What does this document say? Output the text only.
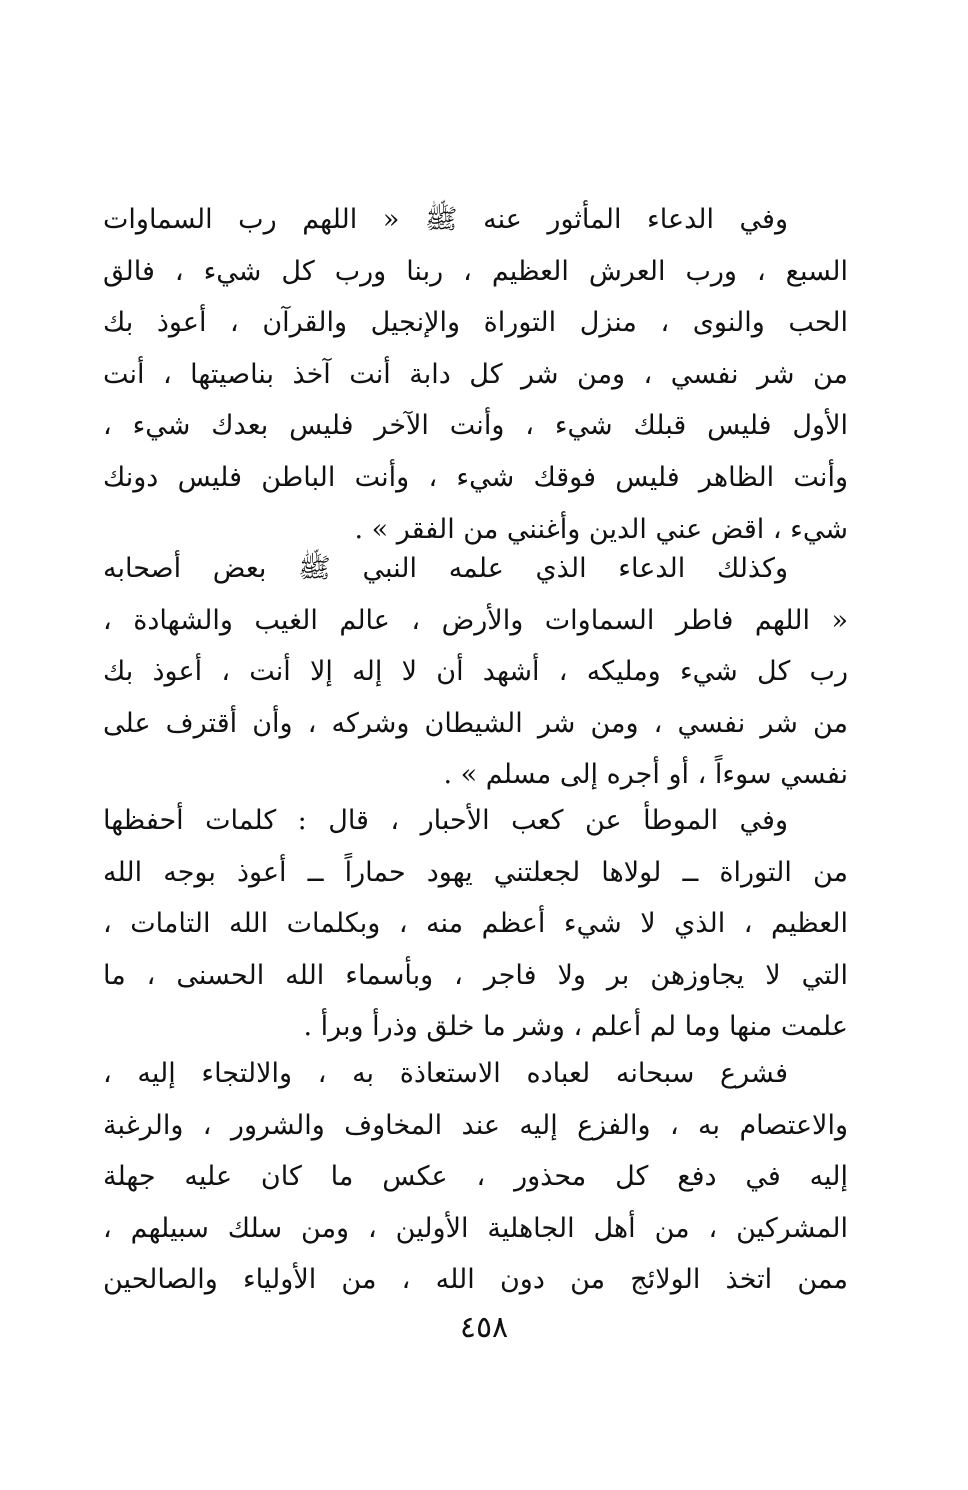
وفي الدعاء المأثور عنه ﷺ « اللهم رب السماوات
السبع ، ورب العرش العظيم ، ربنا ورب كل شيء ، فالق
الحب والنوى ، منزل التوراة والإنجيل والقرآن ، أعوذ بك
من شر نفسي ، ومن شر كل دابة أنت آخذ بناصيتها ، أنت
الأول فليس قبلك شيء ، وأنت الآخر فليس بعدك شيء ،
وأنت الظاهر فليس فوقك شيء ، وأنت الباطن فليس دونك
شيء ، اقض عني الدين وأغنني من الفقر » .
وكذلك الدعاء الذي علمه النبي ﷺ بعض أصحابه
« اللهم فاطر السماوات والأرض ، عالم الغيب والشهادة ،
رب كل شيء ومليكه ، أشهد أن لا إله إلا أنت ، أعوذ بك
من شر نفسي ، ومن شر الشيطان وشركه ، وأن أقترف على
نفسي سوءاً ، أو أجره إلى مسلم » .
وفي الموطأ عن كعب الأحبار ، قال : كلمات أحفظها
من التوراة ــ لولاها لجعلتني يهود حماراً ــ أعوذ بوجه الله
العظيم ، الذي لا شيء أعظم منه ، وبكلمات الله التامات ،
التي لا يجاوزهن بر ولا فاجر ، وبأسماء الله الحسنى ، ما
علمت منها وما لم أعلم ، وشر ما خلق وذرأ وبرأ .
فشرع سبحانه لعباده الاستعاذة به ، والالتجاء إليه ،
والاعتصام به ، والفزع إليه عند المخاوف والشرور ، والرغبة
إليه في دفع كل محذور ، عكس ما كان عليه جهلة
المشركين ، من أهل الجاهلية الأولين ، ومن سلك سبيلهم ،
ممن اتخذ الولائج من دون الله ، من الأولياء والصالحين
٤٥٨
